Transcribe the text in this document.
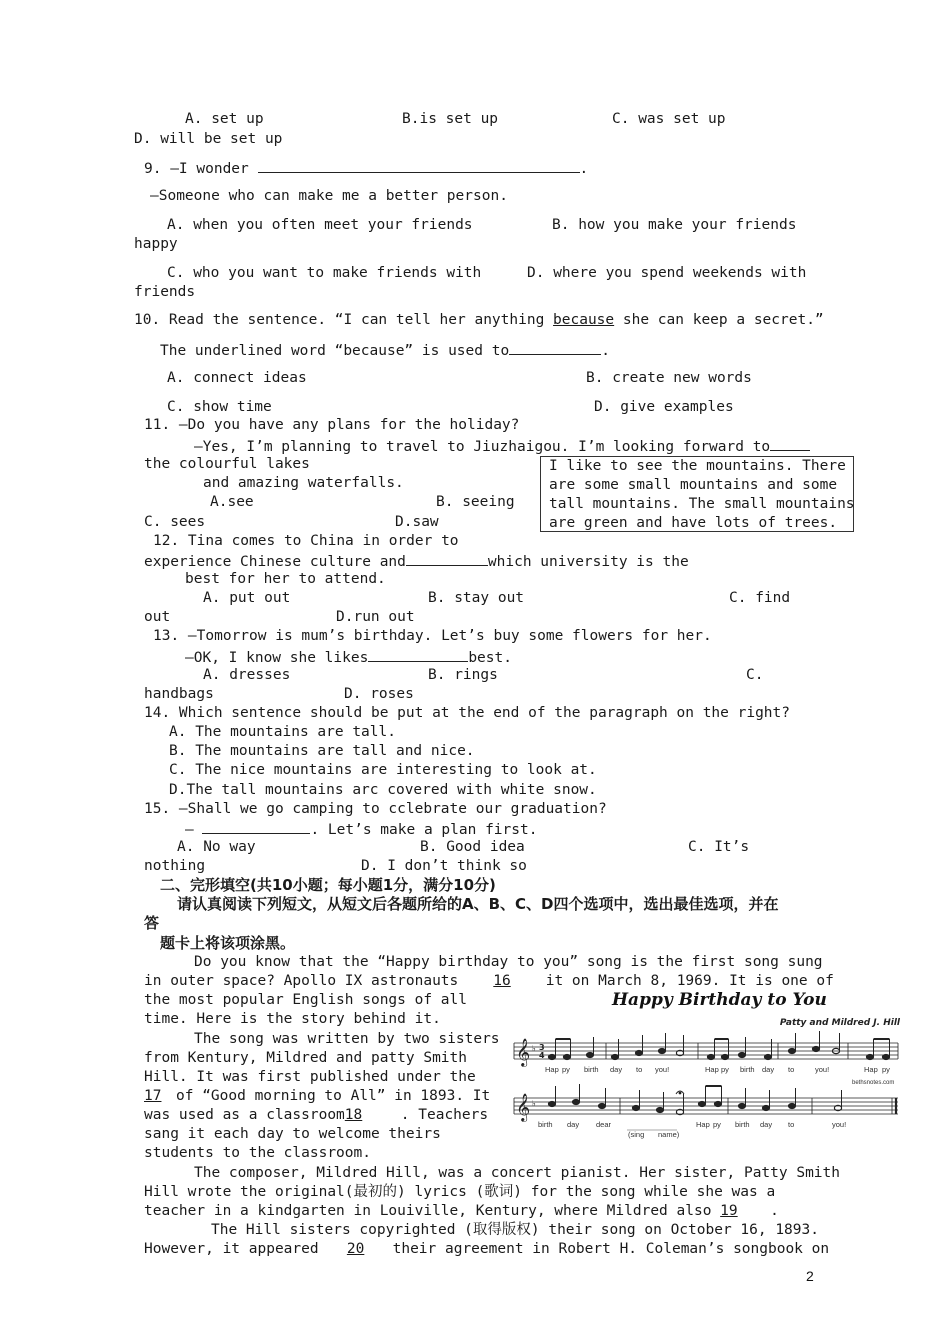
A. set up	B.is set up	C. was set up
D. will be set up
9. —I wonder	.
—Someone who can make me a better person.
A. when you often meet your friends	B. how you make your friends
happy
C. who you want to make friends with	D. where you spend weekends with
friends
10. Read the sentence. “I can tell her anything because she can keep a secret.”
The underlined word “because” is used to	.
A. connect ideas	B. create new words
C. show time	D. give examples
11. —Do you have any plans for the holiday?
—Yes, I’m planning to travel to Jiuzhaigou. I’m looking forward to
the colourful lakes
and amazing waterfalls.
A.see	B. seeing
C. sees	D.saw
I like to see the mountains. There
are some small mountains and some
tall mountains. The small mountains
are green and have lots of trees.
12. Tina comes to China in order to
experience Chinese culture and	which university is the
best for her to attend.
A. put out	B. stay out	C. find
out	D.run out
13. —Tomorrow is mum’s birthday. Let’s buy some flowers for her.
—OK, I know she likes	best.
A. dresses	B. rings	C.
handbags	D. roses
14. Which sentence should be put at the end of the paragraph on the right?
A. The mountains are tall.
B. The mountains are tall and nice.
C. The nice mountains are interesting to look at.
D.The tall mountains arc covered with white snow.
15. —Shall we go camping to cclebrate our graduation?
—	. Let’s make a plan first.
A. No way	B. Good idea	C. It’s
nothing	D. I don’t think so
二、完形填空(共10小题；每小题1分，满分10分)
请认真阅读下列短文，从短文后各题所给的A、B、C、D四个选项中，选出最佳选项，并在
答
题卡上将该项涂黑。
Do you know that the “Happy birthday to you” song is the first song sung
in outer space? Apollo IX astronauts 16 it on March 8, 1969. It is one of
the most popular English songs of all
time. Here is the story behind it.
The song was written by two sisters
from Kentury, Mildred and patty Smith
Hill. It was first published under the
17 of “Good morning to All” in 1893. It
was used as a classroom18	. Teachers
sang it each day to welcome theirs
students to the classroom.
The composer, Mildred Hill, was a concert pianist. Her sister, Patty Smith
Hill wrote the original(最初的) lyrics (歌词) for the song while she was a
teacher in a kindgarten in Louiville, Kentury, where Mildred also 19 .
The Hill sisters copyrighted (取得版权) their song on October 16, 1893.
However, it appeared 20 their agreement in Robert H. Coleman’s songbook on
Happy Birthday to You
Patty and Mildred J. Hill
𝄞 ♭ 3
4
𝄞 ♭
Hap py birth day to you!	Hap py birth day to	you!	Hap py
bethsnotes.com
birth day dear
(sing name)
Hap py birth day to	you!
2
